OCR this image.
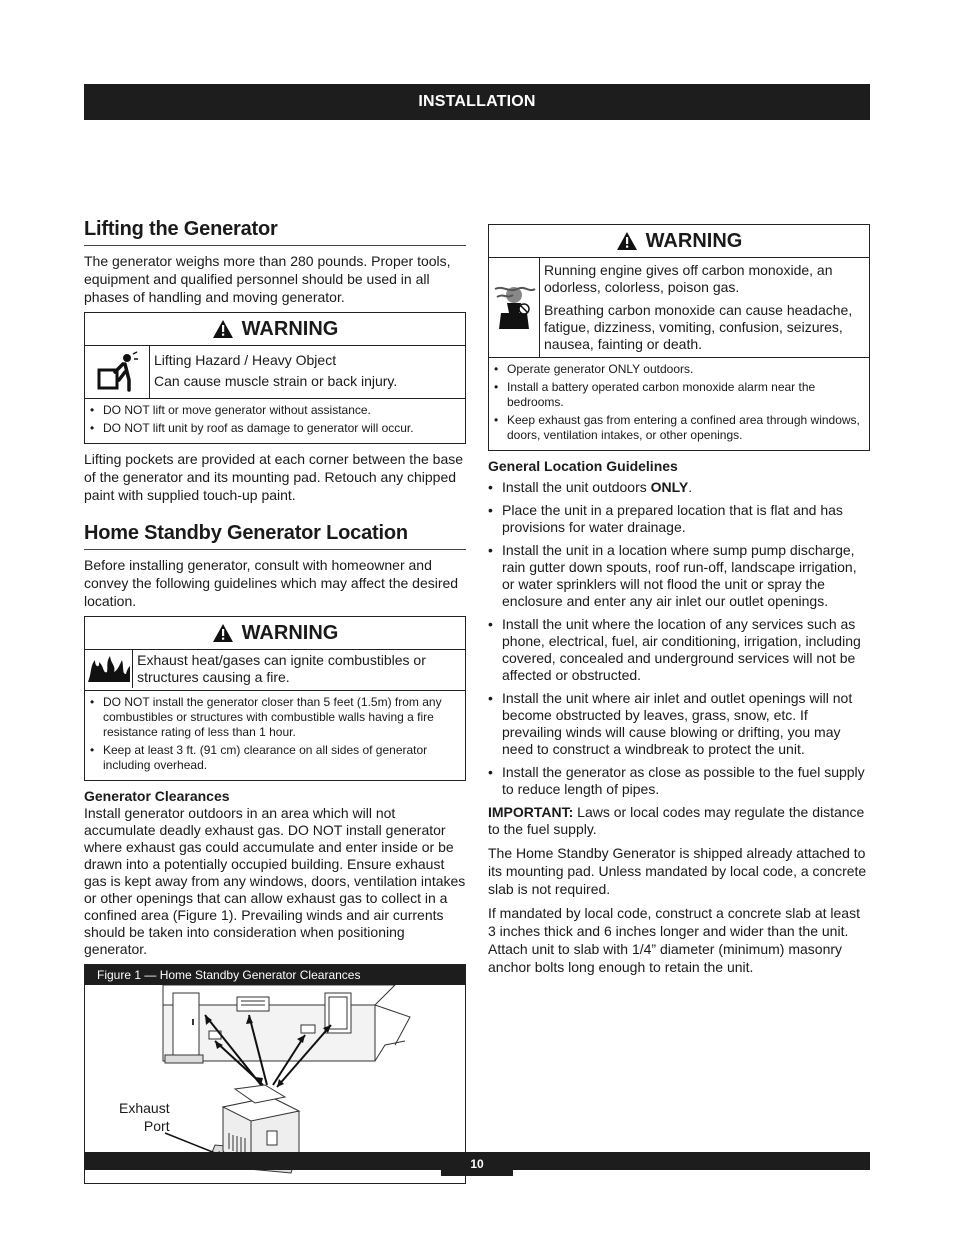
INSTALLATION
Lifting the Generator

The generator weighs more than 280 pounds. Proper tools, equipment and qualified personnel should be used in all phases of handling and moving generator.

WARNING
Lifting Hazard / Heavy Object
Can cause muscle strain or back injury.
• DO NOT lift or move generator without assistance.
• DO NOT lift unit by roof as damage to generator will occur.

Lifting pockets are provided at each corner between the base of the generator and its mounting pad. Retouch any chipped paint with supplied touch-up paint.

Home Standby Generator Location

Before installing generator, consult with homeowner and convey the following guidelines which may affect the desired location.

WARNING
Exhaust heat/gases can ignite combustibles or structures causing a fire.
• DO NOT install the generator closer than 5 feet (1.5m) from any combustibles or structures with combustible walls having a fire resistance rating of less than 1 hour.
• Keep at least 3 ft. (91 cm) clearance on all sides of generator including overhead.
Generator Clearances

Install generator outdoors in an area which will not accumulate deadly exhaust gas. DO NOT install generator where exhaust gas could accumulate and enter inside or be drawn into a potentially occupied building. Ensure exhaust gas is kept away from any windows, doors, ventilation intakes or other openings that can allow exhaust gas to collect in a confined area (Figure 1). Prevailing winds and air currents should be taken into consideration when positioning generator.

Figure 1 — Home Standby Generator Clearances
Exhaust
Port
WARNING
Running engine gives off carbon monoxide, an odorless, colorless, poison gas.
Breathing carbon monoxide can cause headache, fatigue, dizziness, vomiting, confusion, seizures, nausea, fainting or death.
• Operate generator ONLY outdoors.
• Install a battery operated carbon monoxide alarm near the bedrooms.
• Keep exhaust gas from entering a confined area through windows, doors, ventilation intakes, or other openings.
General Location Guidelines
• Install the unit outdoors ONLY.
• Place the unit in a prepared location that is flat and has provisions for water drainage.
• Install the unit in a location where sump pump discharge, rain gutter down spouts, roof run-off, landscape irrigation, or water sprinklers will not flood the unit or spray the enclosure and enter any air inlet our outlet openings.
• Install the unit where the location of any services such as phone, electrical, fuel, air conditioning, irrigation, including covered, concealed and underground services will not be affected or obstructed.
• Install the unit where air inlet and outlet openings will not become obstructed by leaves, grass, snow, etc. If prevailing winds will cause blowing or drifting, you may need to construct a windbreak to protect the unit.
• Install the generator as close as possible to the fuel supply to reduce length of pipes.

IMPORTANT: Laws or local codes may regulate the distance to the fuel supply.

The Home Standby Generator is shipped already attached to its mounting pad. Unless mandated by local code, a concrete slab is not required.

If mandated by local code, construct a concrete slab at least 3 inches thick and 6 inches longer and wider than the unit. Attach unit to slab with 1/4” diameter (minimum) masonry anchor bolts long enough to retain the unit.

10
